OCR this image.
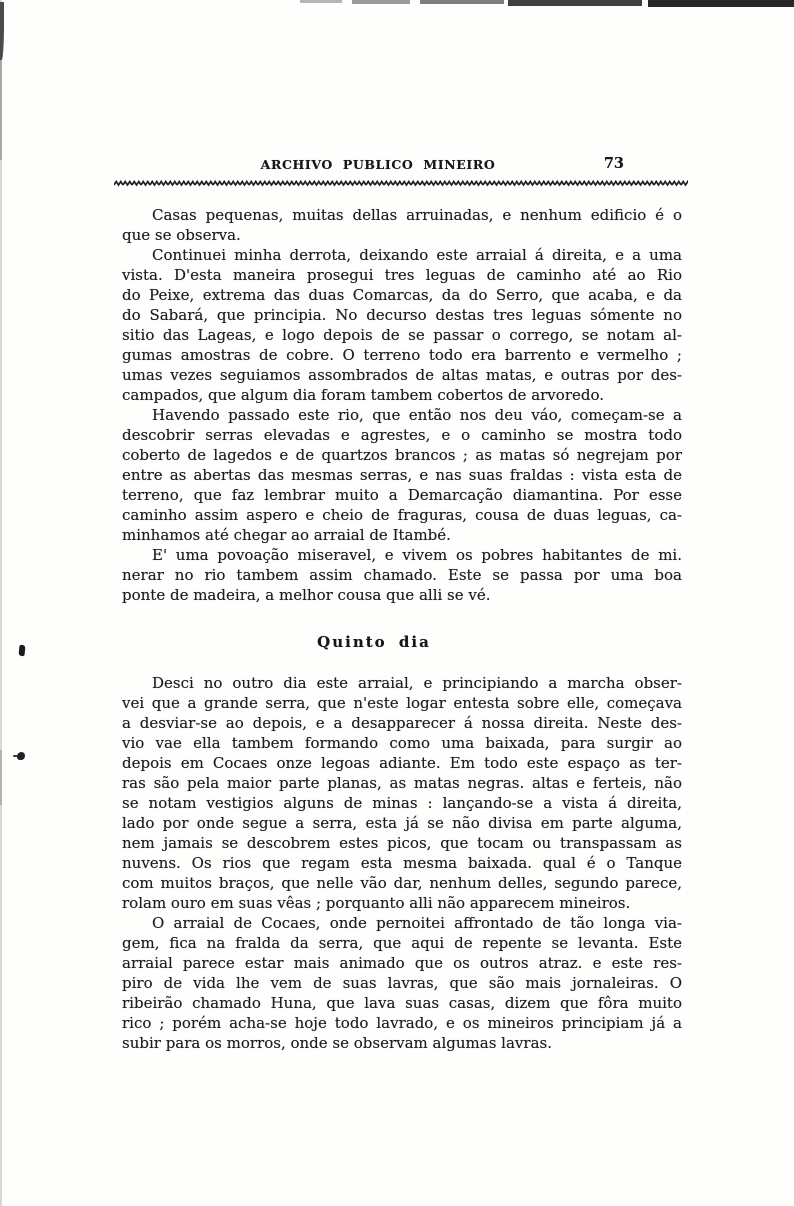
ARCHIVO PUBLICO MINEIRO	73
Casas pequenas, muitas dellas arruinadas, e nenhum edificio é o
que se observa.
Continuei minha derrota, deixando este arraial á direita, e a uma
vista. D'esta maneira prosegui tres leguas de caminho até ao Rio
do Peixe, extrema das duas Comarcas, da do Serro, que acaba, e da
do Sabará, que principia. No decurso destas tres leguas sómente no
sitio das Lageas, e logo depois de se passar o corrego, se notam al-
gumas amostras de cobre. O terreno todo era barrento e vermelho ;
umas vezes seguiamos assombrados de altas matas, e outras por des-
campados, que algum dia foram tambem cobertos de arvoredo.
Havendo passado este rio, que então nos deu váo, começam-se a
descobrir serras elevadas e agrestes, e o caminho se mostra todo
coberto de lagedos e de quartzos brancos ; as matas só negrejam por
entre as abertas das mesmas serras, e nas suas fraldas : vista esta de
terreno, que faz lembrar muito a Demarcação diamantina. Por esse
caminho assim aspero e cheio de fraguras, cousa de duas leguas, ca-
minhamos até chegar ao arraial de Itambé.
E' uma povoação miseravel, e vivem os pobres habitantes de mi.
nerar no rio tambem assim chamado. Este se passa por uma boa
ponte de madeira, a melhor cousa que alli se vé.
Quinto dia
Desci no outro dia este arraial, e principiando a marcha obser-
vei que a grande serra, que n'este logar entesta sobre elle, começava
a desviar-se ao depois, e a desapparecer á nossa direita. Neste des-
vio vae ella tambem formando como uma baixada, para surgir ao
depois em Cocaes onze legoas adiante. Em todo este espaço as ter-
ras são pela maior parte planas, as matas negras. altas e ferteis, não
se notam vestigios alguns de minas : lançando-se a vista á direita,
lado por onde segue a serra, esta já se não divisa em parte alguma,
nem jamais se descobrem estes picos, que tocam ou transpassam as
nuvens. Os rios que regam esta mesma baixada. qual é o Tanque
com muitos braços, que nelle vão dar, nenhum delles, segundo parece,
rolam ouro em suas vêas ; porquanto alli não apparecem mineiros.
O arraial de Cocaes, onde pernoitei affrontado de tão longa via-
gem, fica na fralda da serra, que aqui de repente se levanta. Este
arraial parece estar mais animado que os outros atraz. e este res-
piro de vida lhe vem de suas lavras, que são mais jornaleiras. O
ribeirão chamado Huna, que lava suas casas, dizem que fôra muito
rico ; porém acha-se hoje todo lavrado, e os mineiros principiam já a
subir para os morros, onde se observam algumas lavras.
